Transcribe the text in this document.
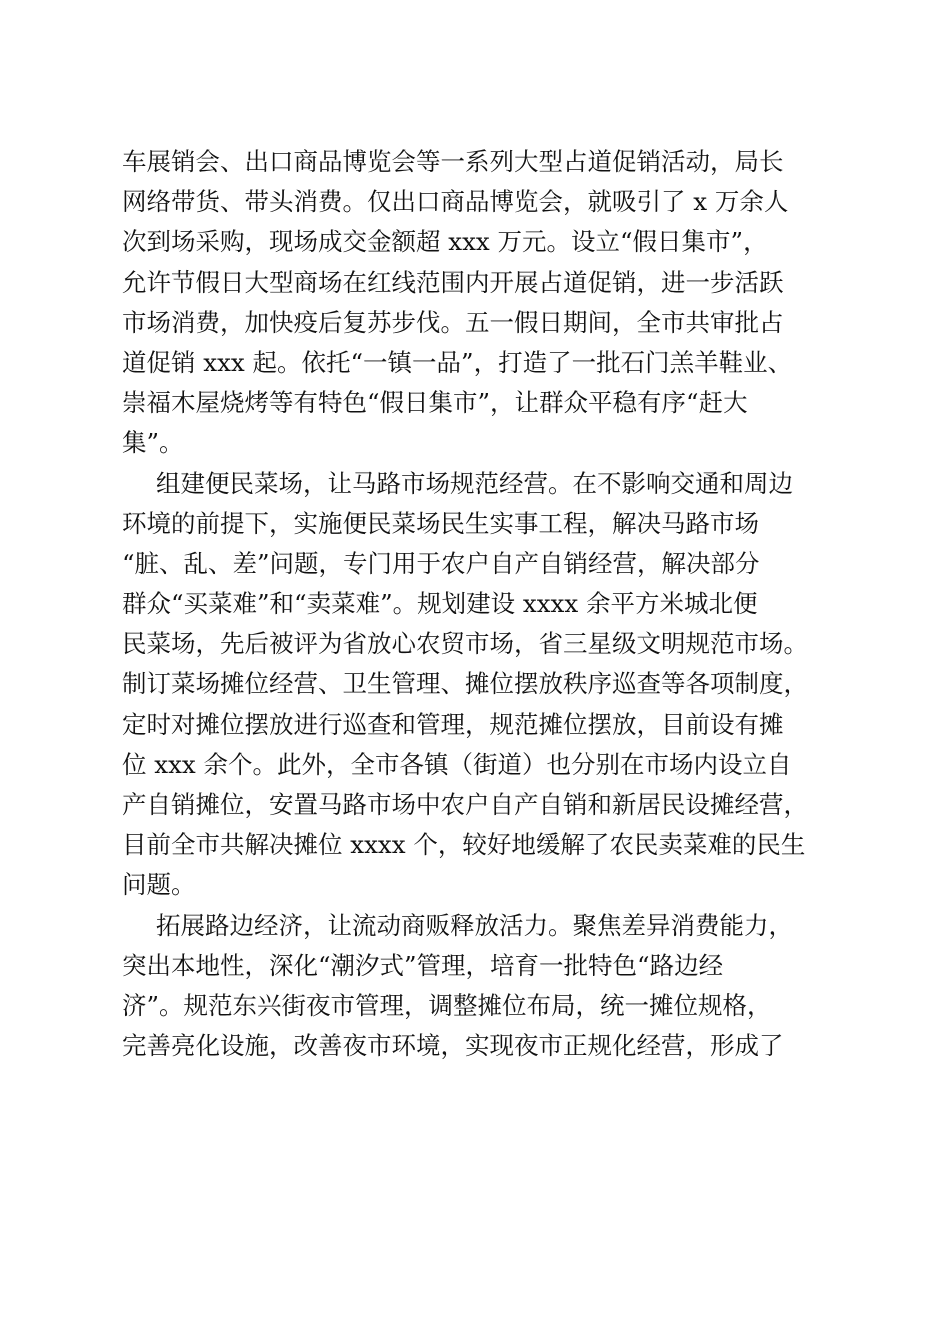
车展销会、出口商品博览会等一系列大型占道促销活动，局长
网络带货、带头消费。仅出口商品博览会，就吸引了 x 万余人
次到场采购，现场成交金额超 xxx 万元。设立“假日集市”，
允许节假日大型商场在红线范围内开展占道促销，进一步活跃
市场消费，加快疫后复苏步伐。五一假日期间，全市共审批占
道促销 xxx 起。依托“一镇一品”，打造了一批石门羔羊鞋业、
崇福木屋烧烤等有特色“假日集市”，让群众平稳有序“赶大
集”。
组建便民菜场，让马路市场规范经营。在不影响交通和周边
环境的前提下，实施便民菜场民生实事工程，解决马路市场
“脏、乱、差”问题，专门用于农户自产自销经营，解决部分
群众“买菜难”和“卖菜难”。规划建设 xxxx 余平方米城北便
民菜场，先后被评为省放心农贸市场，省三星级文明规范市场。
制订菜场摊位经营、卫生管理、摊位摆放秩序巡查等各项制度，
定时对摊位摆放进行巡查和管理，规范摊位摆放，目前设有摊
位 xxx 余个。此外，全市各镇（街道）也分别在市场内设立自
产自销摊位，安置马路市场中农户自产自销和新居民设摊经营，
目前全市共解决摊位 xxxx 个，较好地缓解了农民卖菜难的民生
问题。
拓展路边经济，让流动商贩释放活力。聚焦差异消费能力，
突出本地性，深化“潮汐式”管理，培育一批特色“路边经
济”。规范东兴街夜市管理，调整摊位布局，统一摊位规格，
完善亮化设施，改善夜市环境，实现夜市正规化经营，形成了
